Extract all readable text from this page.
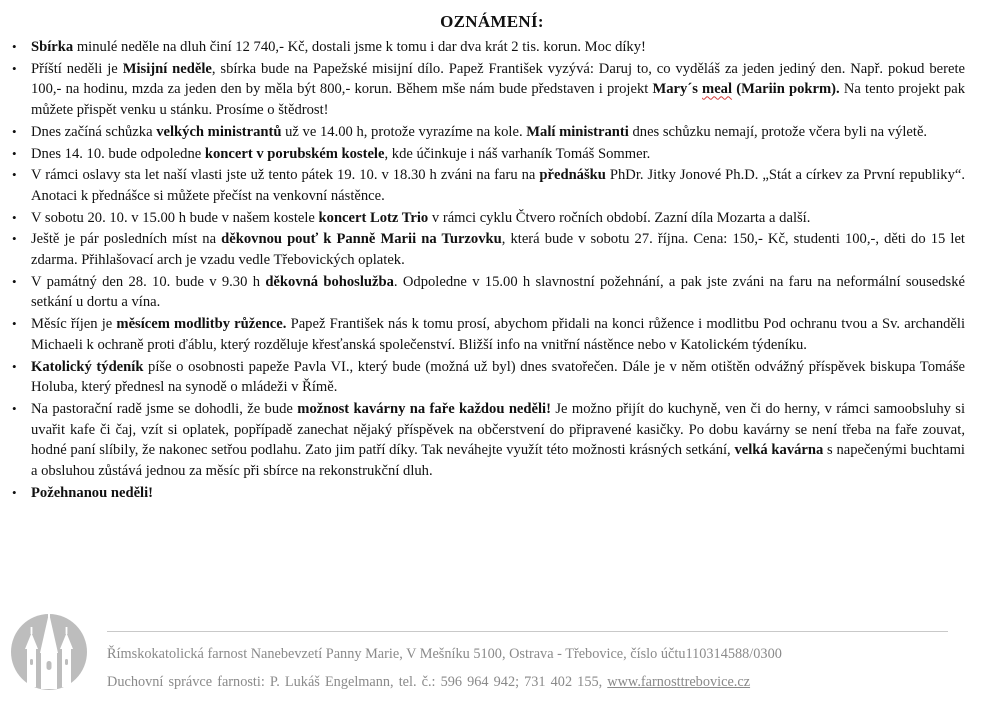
OZNÁMENÍ:
• Sbírka minulé neděle na dluh činí 12 740,- Kč, dostali jsme k tomu i dar dva krát 2 tis. korun. Moc díky!
• Příští neděli je Misijní neděle, sbírka bude na Papežské misijní dílo. Papež František vyzývá: Daruj to, co vyděláš za jeden jediný den. Např. pokud berete 100,- na hodinu, mzda za jeden den by měla být 800,- korun. Během mše nám bude představen i projekt Mary´s meal (Mariin pokrm). Na tento projekt pak můžete přispět venku u stánku. Prosíme o štědrost!
• Dnes začíná schůzka velkých ministrantů už ve 14.00 h, protože vyrazíme na kole. Malí ministranti dnes schůzku nemají, protože včera byli na výletě.
• Dnes 14. 10. bude odpoledne koncert v porubském kostele, kde účinkuje i náš varhaník Tomáš Sommer.
• V rámci oslavy sta let naší vlasti jste už tento pátek 19. 10. v 18.30 h zváni na faru na přednášku PhDr. Jitky Jonové Ph.D. „Stát a církev za První republiky“. Anotaci k přednášce si můžete přečíst na venkovní nástěnce.
• V sobotu 20. 10. v 15.00 h bude v našem kostele koncert Lotz Trio v rámci cyklu Čtvero ročních období. Zazní díla Mozarta a další.
• Ještě je pár posledních míst na děkovnou pouť k Panně Marii na Turzovku, která bude v sobotu 27. října. Cena: 150,- Kč, studenti 100,-, děti do 15 let zdarma. Přihlašovací arch je vzadu vedle Třebovických oplatek.
• V památný den 28. 10. bude v 9.30 h děkovná bohoslužba. Odpoledne v 15.00 h slavnostní požehnání, a pak jste zváni na faru na neformální sousedské setkání u dortu a vína.
• Měsíc říjen je měsícem modlitby růžence. Papež František nás k tomu prosí, abychom přidali na konci růžence i modlitbu Pod ochranu tvou a Sv. archanděli Michaeli k ochraně proti ďáblu, který rozděluje křesťanská společenství. Bližší info na vnitřní nástěnce nebo v Katolickém týdeníku.
• Katolický týdeník píše o osobnosti papeže Pavla VI., který bude (možná už byl) dnes svatořečen. Dále je v něm otištěn odvážný příspěvek biskupa Tomáše Holuba, který přednesl na synodě o mládeži v Římě.
• Na pastorační radě jsme se dohodli, že bude možnost kavárny na faře každou neděli! Je možno přijít do kuchyně, ven či do herny, v rámci samoobsluhy si uvařit kafe či čaj, vzít si oplatek, popřípadě zanechat nějaký příspěvek na občerstvení do připravené kasičky. Po dobu kavárny se není třeba na faře zouvat, hodné paní slíbily, že nakonec setřou podlahu. Zato jim patří díky. Tak neváhejte využít této možnosti krásných setkání, velká kavárna s napečenými buchtami a obsluhou zůstává jednou za měsíc při sbírce na rekonstrukční dluh.
• Požehnanou neděli!
Římskokatolická farnost Nanebevzetí Panny Marie, V Mešníku 5100, Ostrava - Třebovice, číslo účtu110314588/0300
Duchovní správce farnosti: P. Lukáš Engelmann, tel. č.: 596 964 942; 731 402 155, www.farnosttrebovice.cz
